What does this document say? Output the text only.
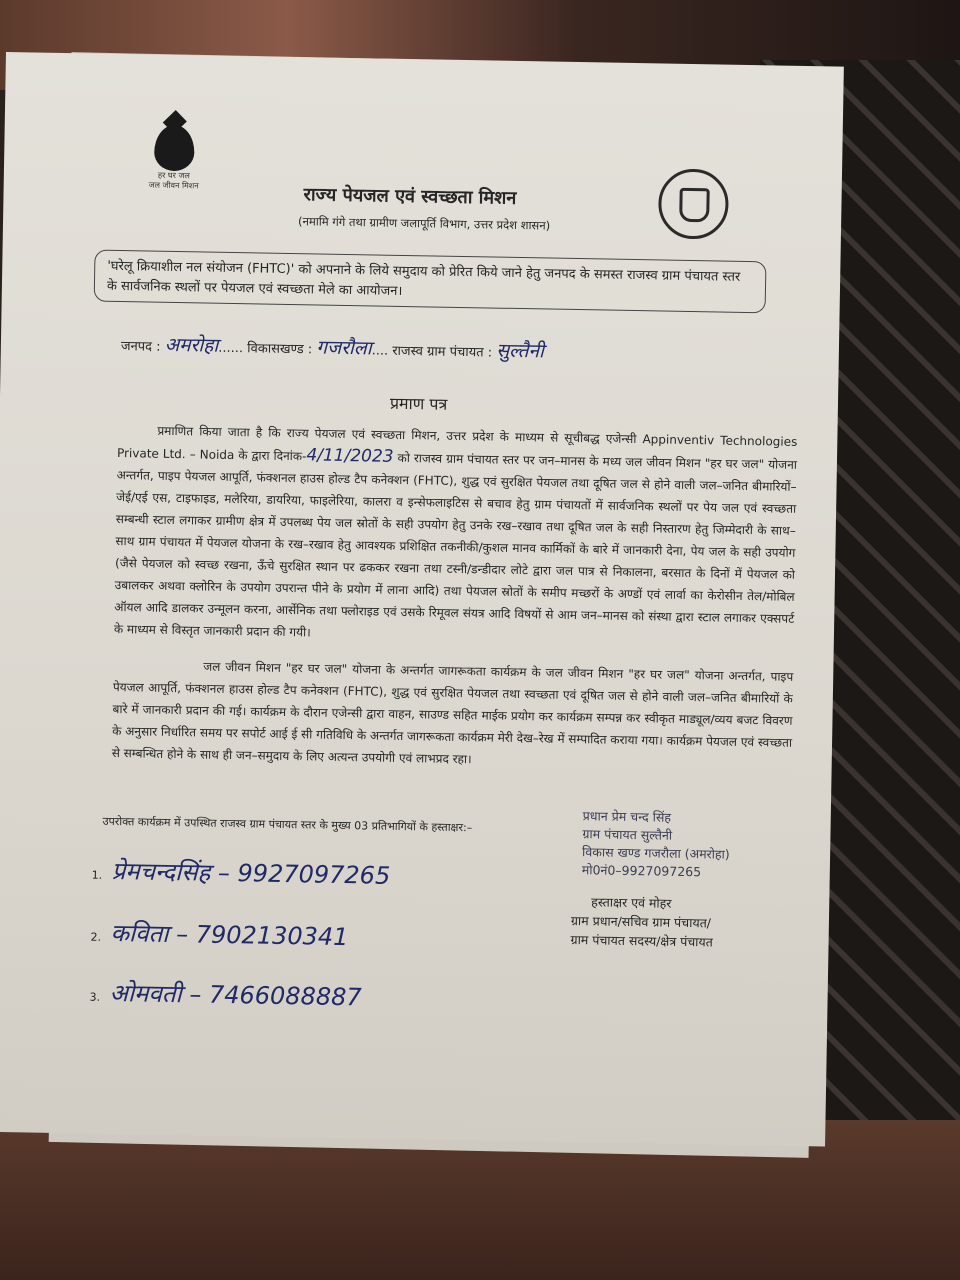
हर घर जल
जल जीवन मिशन	राज्य पेयजल एवं स्वच्छता मिशन
(नमामि गंगे तथा ग्रामीण जलापूर्ति विभाग, उत्तर प्रदेश शासन)
'घरेलू क्रियाशील नल संयोजन (FHTC)' को अपनाने के लिये समुदाय को प्रेरित किये जाने हेतु जनपद के समस्त राजस्व ग्राम पंचायत स्तर के सार्वजनिक स्थलों पर पेयजल एवं स्वच्छता मेले का आयोजन।
जनपद : अमरोहा...... विकासखण्ड : गजरौला.... राजस्व ग्राम पंचायत : सुल्तैनी
प्रमाण पत्र
प्रमाणित किया जाता है कि राज्य पेयजल एवं स्वच्छता मिशन, उत्तर प्रदेश के माध्यम से सूचीबद्ध एजेन्सी Appinventiv Technologies Private Ltd. – Noida के द्वारा दिनांक-4/11/2023 को राजस्व ग्राम पंचायत स्तर पर जन–मानस के मध्य जल जीवन मिशन "हर घर जल" योजना अन्तर्गत, पाइप पेयजल आपूर्ति, फंक्शनल हाउस होल्ड टैप कनेक्शन (FHTC), शुद्ध एवं सुरक्षित पेयजल तथा दूषित जल से होने वाली जल–जनित बीमारियों–जेई/एई एस, टाइफाइड, मलेरिया, डायरिया, फाइलेरिया, कालरा व इन्सेफलाइटिस से बचाव हेतु ग्राम पंचायतों में सार्वजनिक स्थलों पर पेय जल एवं स्वच्छता सम्बन्धी स्टाल लगाकर ग्रामीण क्षेत्र में उपलब्ध पेय जल स्रोतों के सही उपयोग हेतु उनके रख–रखाव तथा दूषित जल के सही निस्तारण हेतु जिम्मेदारी के साथ–साथ ग्राम पंचायत में पेयजल योजना के रख–रखाव हेतु आवश्यक प्रशिक्षित तकनीकी/कुशल मानव कार्मिकों के बारे में जानकारी देना, पेय जल के सही उपयोग (जैसे पेयजल को स्वच्छ रखना, ऊँचे सुरक्षित स्थान पर ढककर रखना तथा टस्नी/डन्डीदार लोटे द्वारा जल पात्र से निकालना, बरसात के दिनों में पेयजल को उबालकर अथवा क्लोरिन के उपयोग उपरान्त पीने के प्रयोग में लाना आदि) तथा पेयजल स्रोतों के समीप मच्छरों के अण्डों एवं लार्वा का केरोसीन तेल/मोबिल ऑयल आदि डालकर उन्मूलन करना, आर्सेनिक तथा फ्लोराइड एवं उसके रिमूवल संयत्र आदि विषयों से आम जन–मानस को संस्था द्वारा स्टाल लगाकर एक्सपर्ट के माध्यम से विस्तृत जानकारी प्रदान की गयी।
जल जीवन मिशन "हर घर जल" योजना के अन्तर्गत जागरूकता कार्यक्रम के जल जीवन मिशन "हर घर जल" योजना अन्तर्गत, पाइप पेयजल आपूर्ति, फंक्शनल हाउस होल्ड टैप कनेक्शन (FHTC), शुद्ध एवं सुरक्षित पेयजल तथा स्वच्छता एवं दूषित जल से होने वाली जल–जनित बीमारियों के बारे में जानकारी प्रदान की गई। कार्यक्रम के दौरान एजेन्सी द्वारा वाहन, साउण्ड सहित माईक प्रयोग कर कार्यक्रम सम्पन्न कर स्वीकृत माड्यूल/व्यय बजट विवरण के अनुसार निर्धारित समय पर सपोर्ट आई ई सी गतिविधि के अन्तर्गत जागरूकता कार्यक्रम मेरी देख–रेख में सम्पादित कराया गया। कार्यक्रम पेयजल एवं स्वच्छता से सम्बन्धित होने के साथ ही जन–समुदाय के लिए अत्यन्त उपयोगी एवं लाभप्रद रहा।
उपरोक्त कार्यक्रम में उपस्थित राजस्व ग्राम पंचायत स्तर के मुख्य 03 प्रतिभागियों के हस्ताक्षर:–
1. प्रेमचन्दसिंह – 9927097265
2. कविता – 7902130341
3. ओमवती – 7466088887
प्रधान प्रेम चन्द सिंह
ग्राम पंचायत सुल्तैनी
विकास खण्ड गजरौला (अमरोहा)
मो0नं0–9927097265
हस्ताक्षर एवं मोहर
ग्राम प्रधान/सचिव ग्राम पंचायत/
ग्राम पंचायत सदस्य/क्षेत्र पंचायत
